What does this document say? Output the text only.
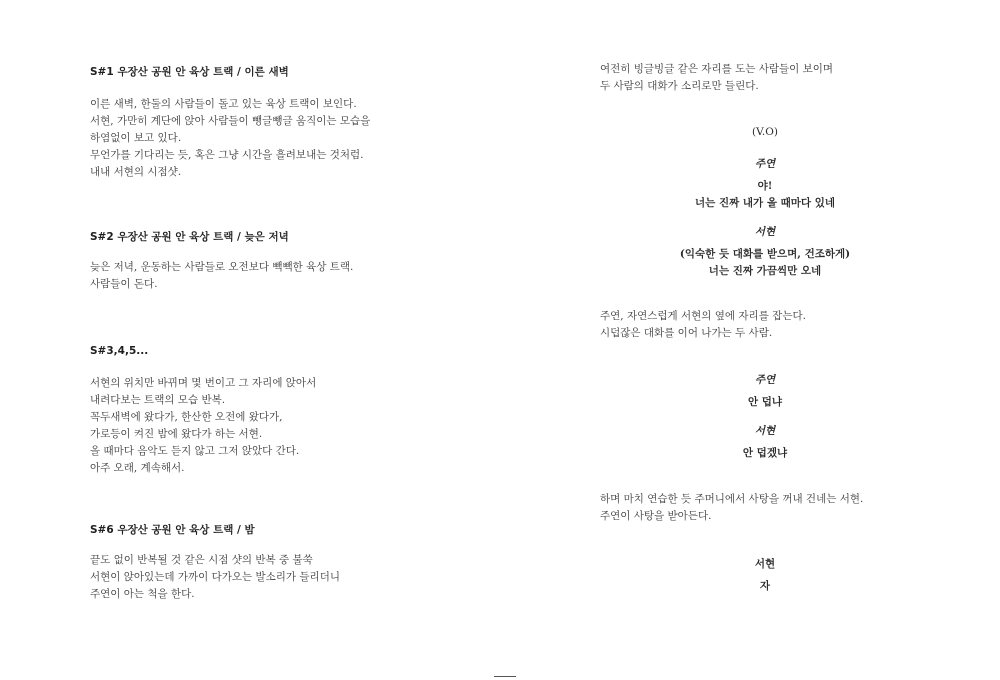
S#1 우장산 공원 안 육상 트랙 / 이른 새벽

이른 새벽, 한둘의 사람들이 돌고 있는 육상 트랙이 보인다.

서현, 가만히 계단에 앉아 사람들이 뺑글뺑글 움직이는 모습을

하염없이 보고 있다.

무언가를 기다리는 듯, 혹은 그냥 시간을 흘려보내는 것처럼.

내내 서현의 시점샷.

S#2 우장산 공원 안 육상 트랙 / 늦은 저녁

늦은 저녁, 운동하는 사람들로 오전보다 빽빽한 육상 트랙.

사람들이 돈다.

S#3,4,5...

서현의 위치만 바뀌며 몇 번이고 그 자리에 앉아서

내려다보는 트랙의 모습 반복.

꼭두새벽에 왔다가, 한산한 오전에 왔다가,

가로등이 켜진 밤에 왔다가 하는 서현.

올 때마다 음악도 듣지 않고 그저 앉았다 간다.

아주 오래, 계속해서.

S#6 우장산 공원 안 육상 트랙 / 밤

끝도 없이 반복될 것 같은 시점 샷의 반복 중 불쑥

서현이 앉아있는데 가까이 다가오는 발소리가 들리더니

주연이 아는 척을 한다.

여전히 빙글빙글 같은 자리를 도는 사람들이 보이며

두 사람의 대화가 소리로만 들린다.

(V.O)

주연

야!

너는 진짜 내가 올 때마다 있네

서현

(익숙한 듯 대화를 받으며, 건조하게)

너는 진짜 가끔씩만 오네

주연, 자연스럽게 서현의 옆에 자리를 잡는다.

시덥잖은 대화를 이어 나가는 두 사람.

주연

안 덥냐

서현

안 덥겠냐

하며 마치 연습한 듯 주머니에서 사탕을 꺼내 건네는 서현.

주연이 사탕을 받아든다.

서현

자
